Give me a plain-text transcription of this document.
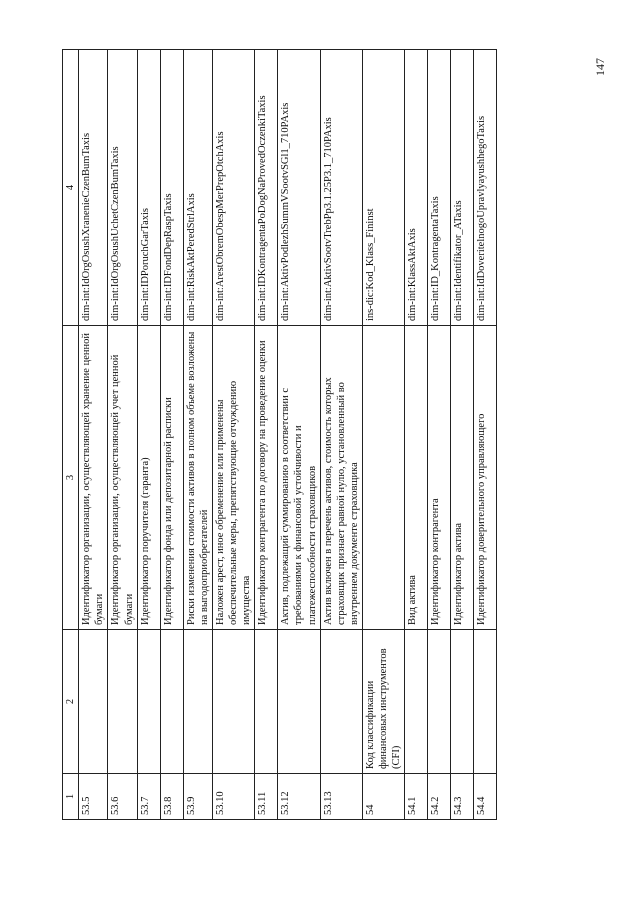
147
1	2	3	4
53.5		Идентификатор организации, осуществляющей хранение ценной бумаги	dim-int:IdOrgOsushXranenieCzenBumTaxis
53.6		Идентификатор организации, осуществляющей учет ценной бумаги	dim-int:IdOrgOsushUchetCzenBumTaxis
53.7		Идентификатор поручителя (гаранта)	dim-int:IDPoruchGarTaxis
53.8		Идентификатор фонда или депозитарной расписки	dim-int:IDFondDepRaspTaxis
53.9		Риски изменения стоимости активов в полном объеме возложены на выгодоприобретателей	dim-int:RiskAktPeredStrlAxis
53.10		Наложен арест, иное обременение или применены обеспечительные меры, препятствующие отчуждению имущества	dim-int:ArestObremObespMerPrepOtchAxis
53.11		Идентификатор контрагента по договору на проведение оценки	dim-int:IDKontragentaPoDogNaProvedOczenkiTaxis
53.12		Актив, подлежащий суммированию в соответствии с требованиями к финансовой устойчивости и платежеспособности страховщиков	dim-int:AktivPodlezhSummVSootvSGl1_710PAxis
53.13		Актив включен в перечень активов, стоимость которых страховщик признает равной нулю, установленный во внутреннем документе страховщика	dim-int:AktivSootvTrebPp3.1.25P3.1_710PAxis
54	Код классификации финансовых инструментов (CFI)		ins-dic:Kod_Klass_Fininst
54.1		Вид актива	dim-int:KlassAktAxis
54.2		Идентификатор контрагента	dim-int:ID_KontragentaTaxis
54.3		Идентификатор актива	dim-int:Identifikator_ATaxis
54.4		Идентификатор доверительного управляющего	dim-int:IdDoveritelnogoUpravlyayushhegoTaxis
